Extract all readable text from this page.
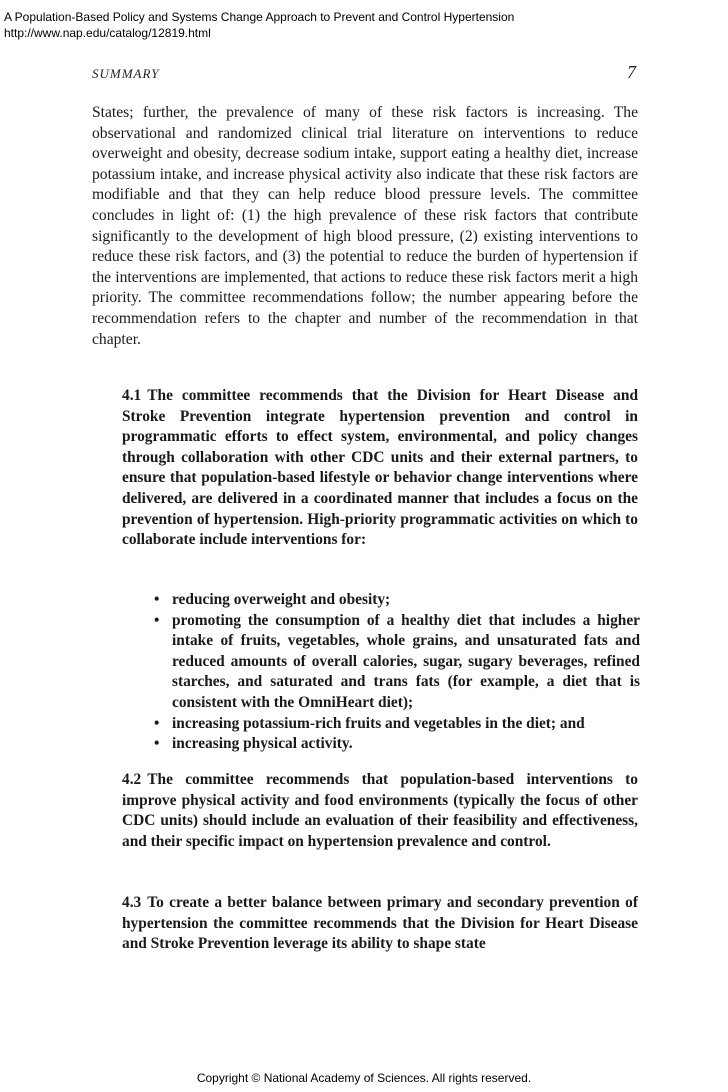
A Population-Based Policy and Systems Change Approach to Prevent and Control Hypertension
http://www.nap.edu/catalog/12819.html
SUMMARY	7

States; further, the prevalence of many of these risk factors is increasing. The observational and randomized clinical trial literature on interventions to reduce overweight and obesity, decrease sodium intake, support eating a healthy diet, increase potassium intake, and increase physical activity also indicate that these risk factors are modifiable and that they can help reduce blood pressure levels. The committee concludes in light of: (1) the high prevalence of these risk factors that contribute significantly to the development of high blood pressure, (2) existing interventions to reduce these risk factors, and (3) the potential to reduce the burden of hypertension if the interventions are implemented, that actions to reduce these risk factors merit a high priority. The committee recommendations follow; the number appearing before the recommendation refers to the chapter and number of the recommendation in that chapter.

4.1 The committee recommends that the Division for Heart Disease and Stroke Prevention integrate hypertension prevention and control in programmatic efforts to effect system, environmental, and policy changes through collaboration with other CDC units and their external partners, to ensure that population-based lifestyle or behavior change interventions where delivered, are delivered in a coordinated manner that includes a focus on the prevention of hypertension. High-priority programmatic activities on which to collaborate include interventions for:

• reducing overweight and obesity;
• promoting the consumption of a healthy diet that includes a higher intake of fruits, vegetables, whole grains, and unsaturated fats and reduced amounts of overall calories, sugar, sugary beverages, refined starches, and saturated and trans fats (for example, a diet that is consistent with the OmniHeart diet);
• increasing potassium-rich fruits and vegetables in the diet; and
• increasing physical activity.

4.2 The committee recommends that population-based interventions to improve physical activity and food environments (typically the focus of other CDC units) should include an evaluation of their feasibility and effectiveness, and their specific impact on hypertension prevalence and control.

4.3 To create a better balance between primary and secondary prevention of hypertension the committee recommends that the Division for Heart Disease and Stroke Prevention leverage its ability to shape state

Copyright © National Academy of Sciences. All rights reserved.
